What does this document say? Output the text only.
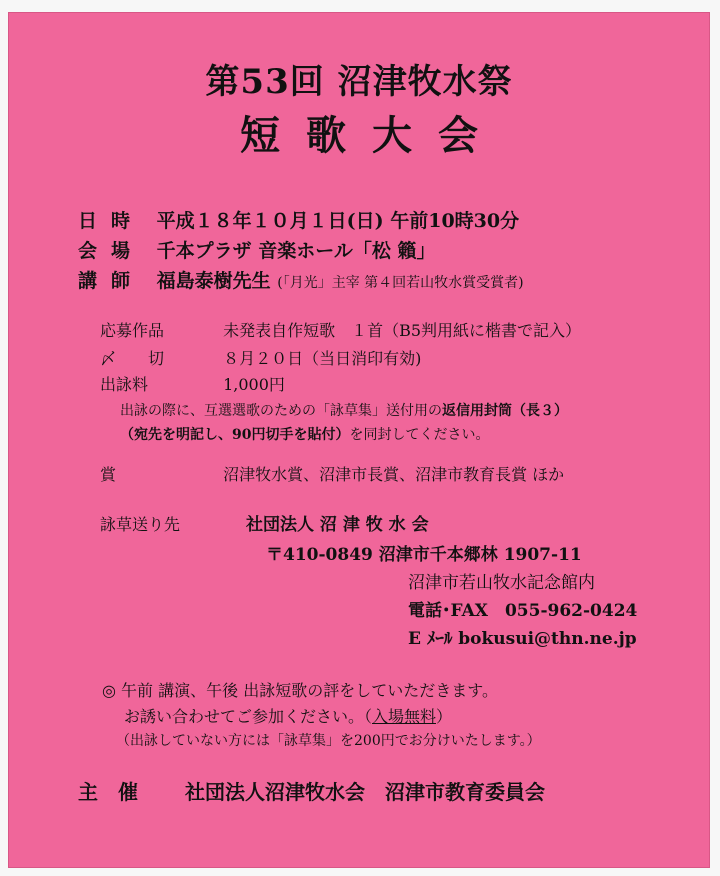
第53回 沼津牧水祭
短歌大会
日時 平成１８年１０月１日(日) 午前10時30分
会場 千本プラザ 音楽ホール「松 籟」
講師 福島泰樹先生 (「月光」主宰 第４回若山牧水賞受賞者)
応募作品	未発表自作短歌　１首（B5判用紙に楷書で記入）
〆　　切	８月２０日（当日消印有効)
出詠料	1,000円
出詠の際に、互選選歌のための「詠草集」送付用の返信用封筒（長３）
（宛先を明記し、90円切手を貼付）を同封してください。
賞	沼津牧水賞、沼津市長賞、沼津市教育長賞 ほか
詠草送り先	社団法人 沼 津 牧 水 会
〒410-0849 沼津市千本郷林 1907-11
沼津市若山牧水記念館内
電話･FAX　055-962-0424
E ﾒｰﾙ bokusui@thn.ne.jp
◎ 午前 講演、午後 出詠短歌の評をしていただきます。
お誘い合わせてご参加ください。（入場無料）
（出詠していない方には「詠草集」を200円でお分けいたします。）
主　催 社団法人沼津牧水会　沼津市教育委員会
